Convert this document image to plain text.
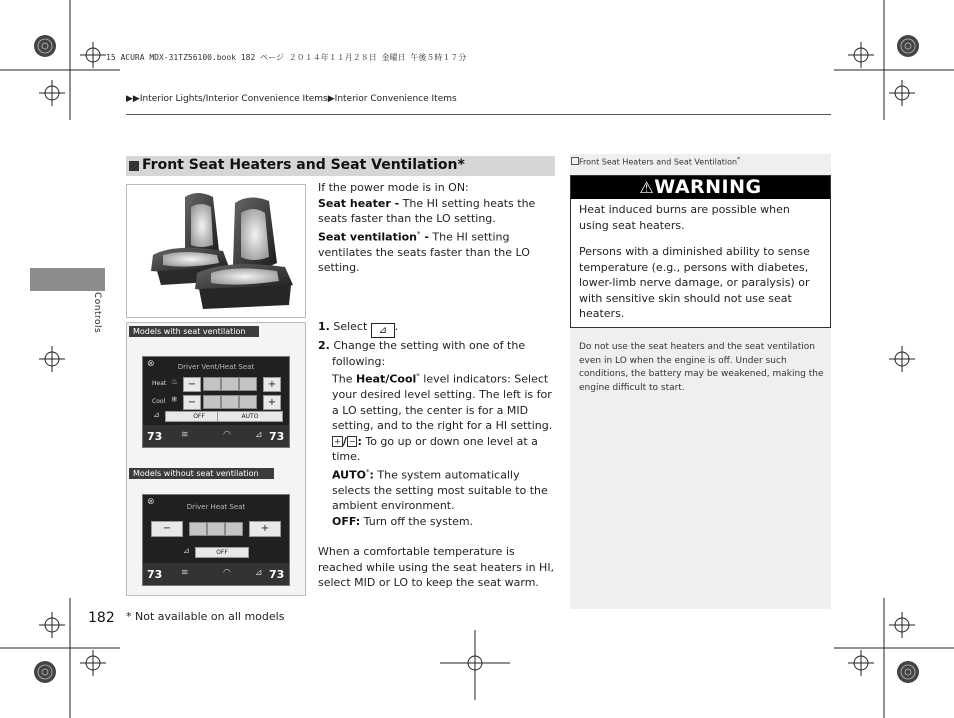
15 ACURA MDX-31TZ56100.book 182 ページ ２０１４年１１月２８日 金曜日 午後５時１７分
▶▶Interior Lights/Interior Convenience Items▶Interior Convenience Items
Controls
Front Seat Heaters and Seat Ventilation*
If the power mode is in ON:
Seat heater - The HI setting heats the seats faster than the LO setting.
Seat ventilation* - The HI setting ventilates the seats faster than the LO setting.
Models with seat ventilation
⊗	Driver Vent/Heat Seat
Heat ♨ −	+
Cool ❄	−	+
⊿	OFF	AUTO
73 ≋	◠	⊿ 73
Models without seat ventilation
⊗	Driver Heat Seat
−	+
⊿	OFF
73 ≋	◠	⊿ 73
1. Select ⊿ .
2. Change the setting with one of the following:
The Heat/Cool* level indicators: Select your desired level setting. The left is for a LO setting, the center is for a MID setting, and to the right for a HI setting.
+ / − : To go up or down one level at a time.
AUTO*: The system automatically selects the setting most suitable to the ambient environment.
OFF: Turn off the system.
When a comfortable temperature is reached while using the seat heaters in HI, select MID or LO to keep the seat warm.
Front Seat Heaters and Seat Ventilation*
⚠WARNING
Heat induced burns are possible when using seat heaters.
Persons with a diminished ability to sense temperature (e.g., persons with diabetes, lower-limb nerve damage, or paralysis) or with sensitive skin should not use seat heaters.
Do not use the seat heaters and the seat ventilation even in LO when the engine is off. Under such conditions, the battery may be weakened, making the engine difficult to start.
182 * Not available on all models
